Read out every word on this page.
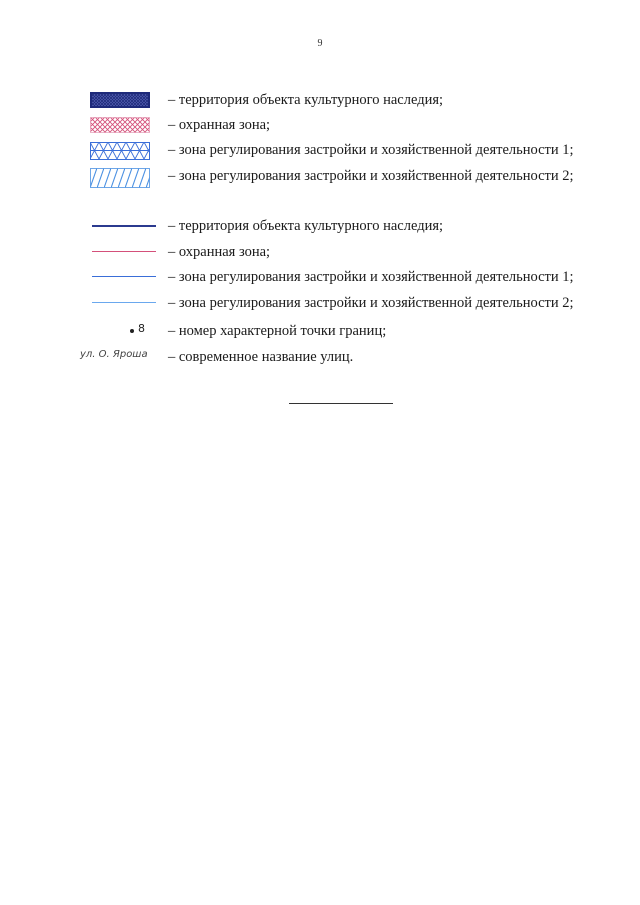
9
– территория объекта культурного наследия;
– охранная зона;
– зона регулирования застройки и хозяйственной деятельности 1;
– зона регулирования застройки и хозяйственной деятельности 2;
– территория объекта культурного наследия;
– охранная зона;
– зона регулирования застройки и хозяйственной деятельности 1;
– зона регулирования застройки и хозяйственной деятельности 2;
8 – номер характерной точки границ;
ул. О. Яроша – современное название улиц.
